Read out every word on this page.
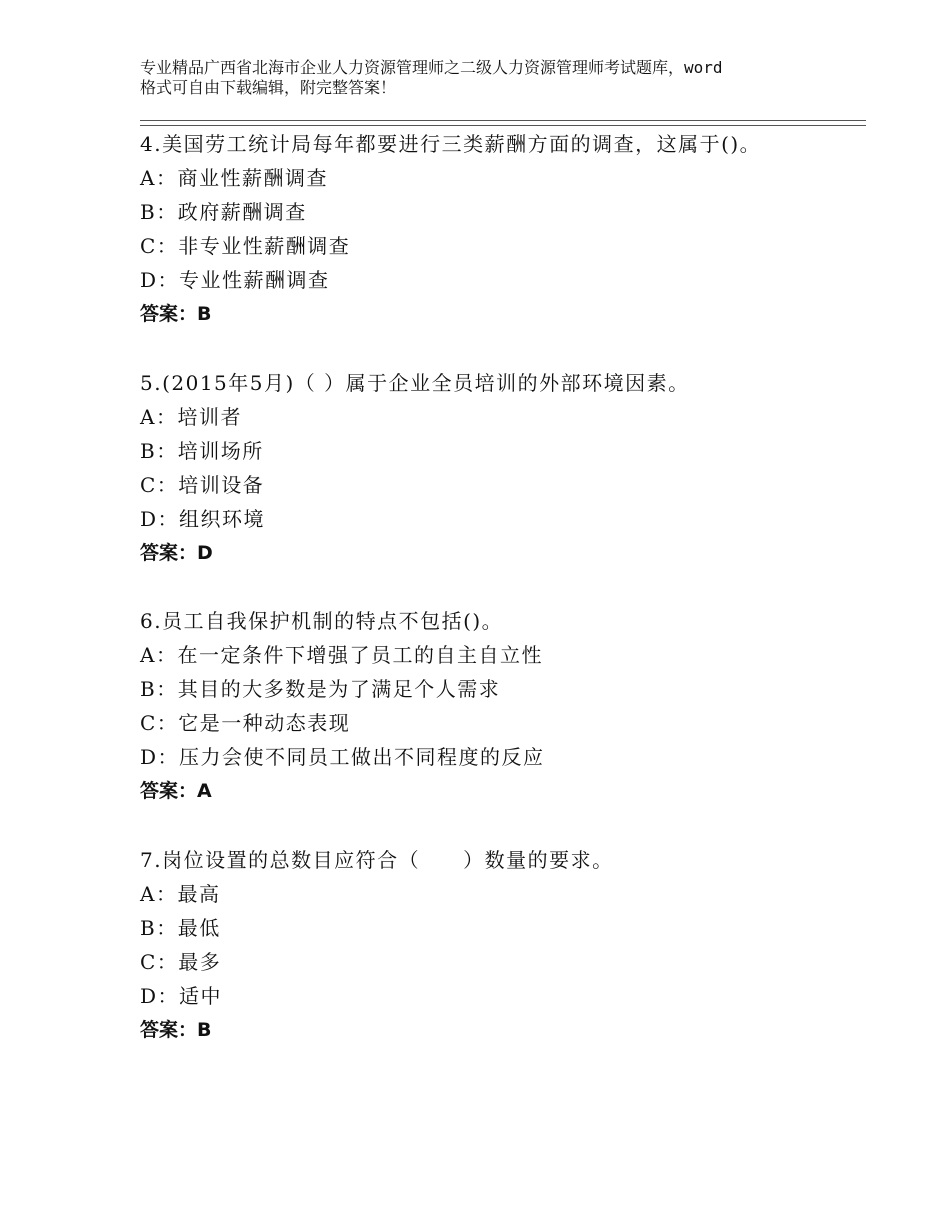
专业精品广西省北海市企业人力资源管理师之二级人力资源管理师考试题库，word
格式可自由下载编辑，附完整答案！
4.美国劳工统计局每年都要进行三类薪酬方面的调查，这属于()。
A：商业性薪酬调查
B：政府薪酬调查
C：非专业性薪酬调查
D：专业性薪酬调查
答案：B
5.(2015年5月)（ ）属于企业全员培训的外部环境因素。
A：培训者
B：培训场所
C：培训设备
D：组织环境
答案：D
6.员工自我保护机制的特点不包括()。
A：在一定条件下增强了员工的自主自立性
B：其目的大多数是为了满足个人需求
C：它是一种动态表现
D：压力会使不同员工做出不同程度的反应
答案：A
7.岗位设置的总数目应符合（　　）数量的要求。
A：最高
B：最低
C：最多
D：适中
答案：B
